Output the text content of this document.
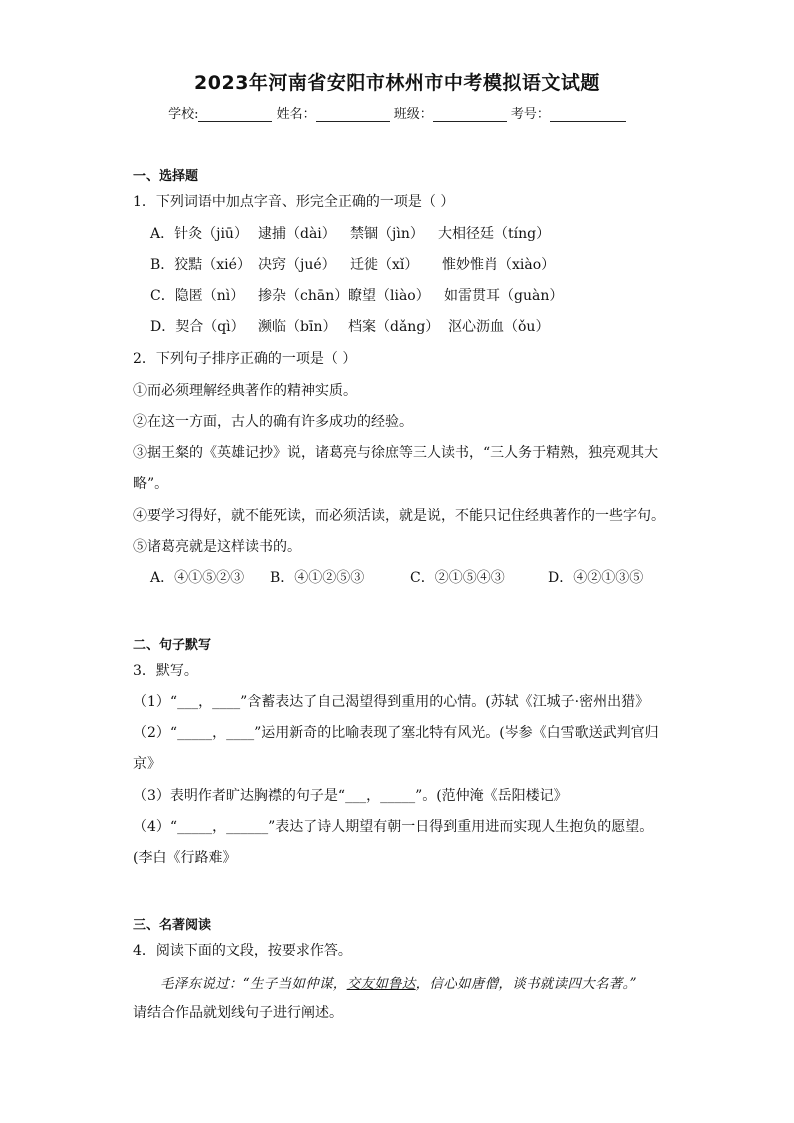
2023年河南省安阳市林州市中考模拟语文试题
学校:	姓名：	班级：	考号：
一、选择题
1．下列词语中加点字音、形完全正确的一项是（ ）
A．针灸（jiū） 逮捕（dài） 禁锢（jìn） 大相径廷（tíng）
B．狡黠（xié） 决窍（jué） 迁徙（xǐ） 惟妙惟肖（xiào）
C．隐匿（nì） 掺杂（chān） 瞭望（liào） 如雷贯耳（guàn）
D．契合（qì） 濒临（bīn） 档案（dǎng） 沤心沥血（ǒu）
2．下列句子排序正确的一项是（ ）
①而必须理解经典著作的精神实质。
②在这一方面，古人的确有许多成功的经验。
③据王粲的《英雄记抄》说，诸葛亮与徐庶等三人读书，“三人务于精熟，独亮观其大
略”。
④要学习得好，就不能死读，而必须活读，就是说，不能只记住经典著作的一些字句。
⑤诸葛亮就是这样读书的。
A．④①⑤②③ B．④①②⑤③	C．②①⑤④③	D．④②①③⑤
二、句子默写
3．默写。
（1）“___，____”含蓄表达了自己渴望得到重用的心情。(苏轼《江城子·密州出猎》
（2）“_____，____”运用新奇的比喻表现了塞北特有风光。(岑参《白雪歌送武判官归
京》
（3）表明作者旷达胸襟的句子是“___，_____”。(范仲淹《岳阳楼记》
（4）“_____，______”表达了诗人期望有朝一日得到重用进而实现人生抱负的愿望。
(李白《行路难》
三、名著阅读
4．阅读下面的文段，按要求作答。
毛泽东说过：“生子当如仲谋，交友如鲁达，信心如唐僧，谈书就读四大名著。”
请结合作品就划线句子进行阐述。
